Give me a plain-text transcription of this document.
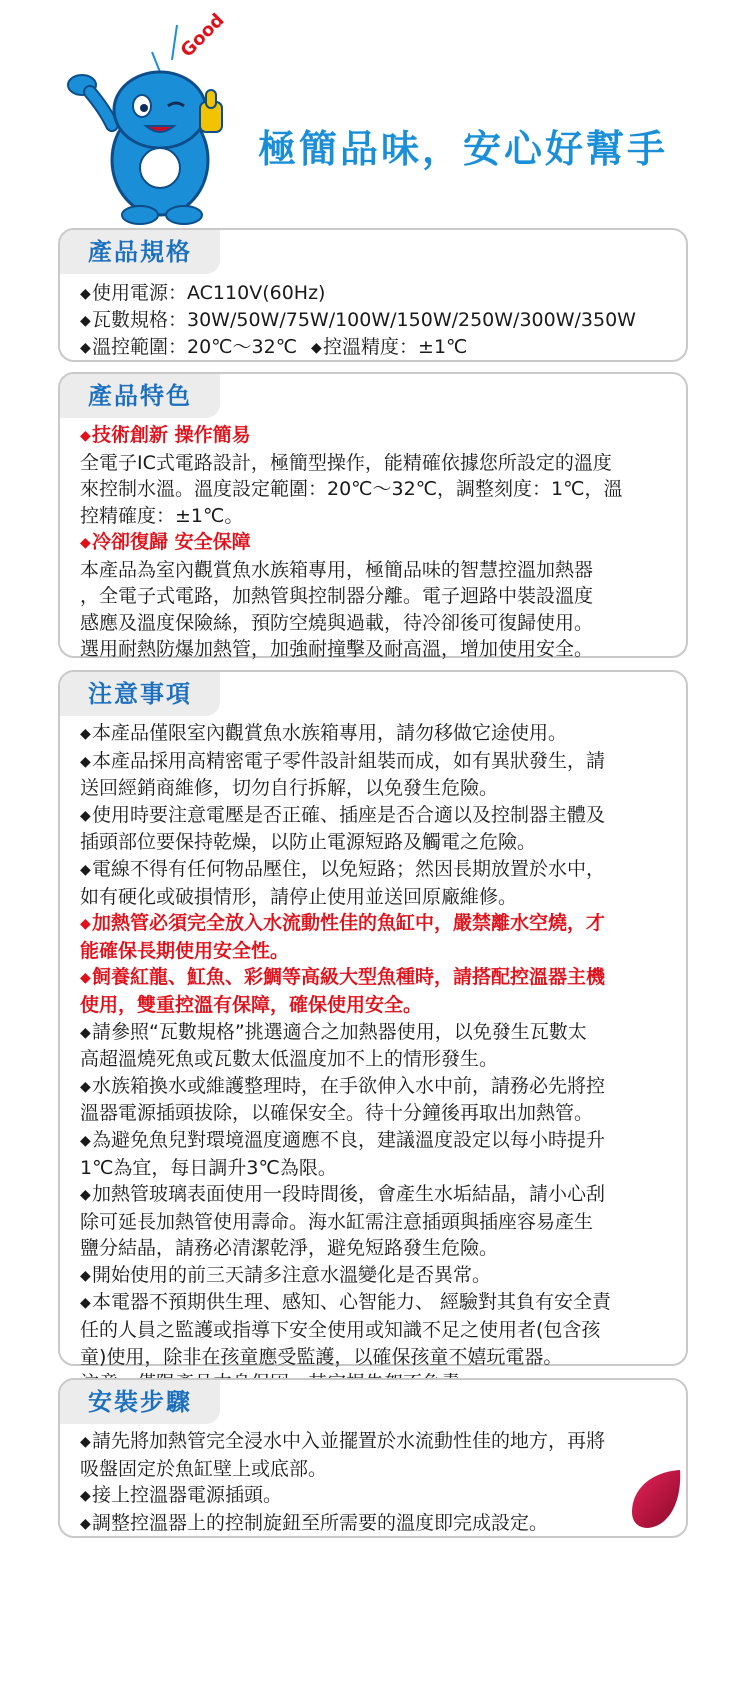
Good
極簡品味，安心好幫手
產品規格
◆使用電源：AC110V(60Hz)
◆瓦數規格：30W/50W/75W/100W/150W/250W/300W/350W
◆溫控範圍：20℃～32℃ ◆控溫精度：±1℃
產品特色
◆技術創新 操作簡易
全電子IC式電路設計，極簡型操作，能精確依據您所設定的溫度
來控制水溫。溫度設定範圍：20℃～32℃，調整刻度：1℃，溫
控精確度：±1℃。
◆冷卻復歸 安全保障
本產品為室內觀賞魚水族箱專用，極簡品味的智慧控溫加熱器
，全電子式電路，加熱管與控制器分離。電子迴路中裝設溫度
感應及溫度保險絲，預防空燒與過載，待冷卻後可復歸使用。
選用耐熱防爆加熱管，加強耐撞擊及耐高溫，增加使用安全。
注意事項
◆本產品僅限室內觀賞魚水族箱專用，請勿移做它途使用。
◆本產品採用高精密電子零件設計組裝而成，如有異狀發生，請
送回經銷商維修，切勿自行拆解，以免發生危險。
◆使用時要注意電壓是否正確、插座是否合適以及控制器主體及
插頭部位要保持乾燥，以防止電源短路及觸電之危險。
◆電線不得有任何物品壓住，以免短路；然因長期放置於水中，
如有硬化或破損情形，請停止使用並送回原廠維修。
◆加熱管必須完全放入水流動性佳的魚缸中，嚴禁離水空燒，才
能確保長期使用安全性。
◆飼養紅龍、魟魚、彩鯛等高級大型魚種時，請搭配控溫器主機
使用，雙重控溫有保障，確保使用安全。
◆請參照“瓦數規格”挑選適合之加熱器使用，以免發生瓦數太
高超溫燒死魚或瓦數太低溫度加不上的情形發生。
◆水族箱換水或維護整理時，在手欲伸入水中前，請務必先將控
溫器電源插頭拔除，以確保安全。待十分鐘後再取出加熱管。
◆為避免魚兒對環境溫度適應不良，建議溫度設定以每小時提升
1℃為宜，每日調升3℃為限。
◆加熱管玻璃表面使用一段時間後，會產生水垢結晶，請小心刮
除可延長加熱管使用壽命。海水缸需注意插頭與插座容易產生
鹽分結晶，請務必清潔乾淨，避免短路發生危險。
◆開始使用的前三天請多注意水溫變化是否異常。
◆本電器不預期供生理、感知、心智能力、 經驗對其負有安全責
任的人員之監護或指導下安全使用或知識不足之使用者(包含孩
童)使用，除非在孩童應受監護，以確保孩童不嬉玩電器。
安裝步驟
◆請先將加熱管完全浸水中入並擺置於水流動性佳的地方，再將
吸盤固定於魚缸壁上或底部。
◆接上控溫器電源插頭。
◆調整控溫器上的控制旋鈕至所需要的溫度即完成設定。
